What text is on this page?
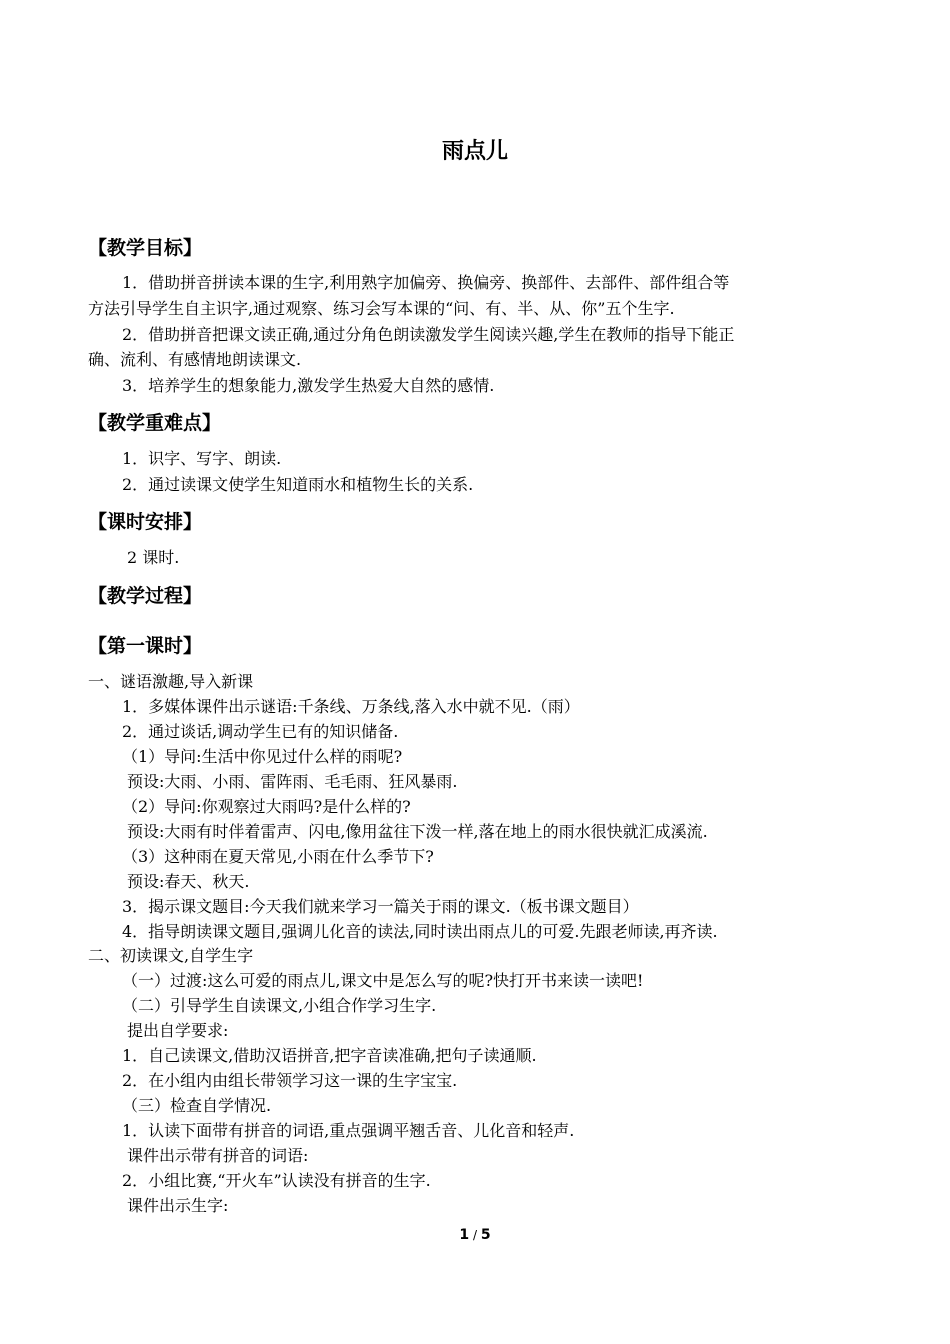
雨点儿
【教学目标】
1．借助拼音拼读本课的生字,利用熟字加偏旁、换偏旁、换部件、去部件、部件组合等
方法引导学生自主识字,通过观察、练习会写本课的“问、有、半、从、你”五个生字.
2．借助拼音把课文读正确,通过分角色朗读激发学生阅读兴趣,学生在教师的指导下能正
确、流利、有感情地朗读课文.
3．培养学生的想象能力,激发学生热爱大自然的感情.
【教学重难点】
1．识字、写字、朗读.
2．通过读课文使学生知道雨水和植物生长的关系.
【课时安排】
2 课时.
【教学过程】
【第一课时】
一、谜语激趣,导入新课
1．多媒体课件出示谜语:千条线、万条线,落入水中就不见.（雨）
2．通过谈话,调动学生已有的知识储备.
（1）导问:生活中你见过什么样的雨呢?
预设:大雨、小雨、雷阵雨、毛毛雨、狂风暴雨.
（2）导问:你观察过大雨吗?是什么样的?
预设:大雨有时伴着雷声、闪电,像用盆往下泼一样,落在地上的雨水很快就汇成溪流.
（3）这种雨在夏天常见,小雨在什么季节下?
预设:春天、秋天.
3．揭示课文题目:今天我们就来学习一篇关于雨的课文.（板书课文题目）
4．指导朗读课文题目,强调儿化音的读法,同时读出雨点儿的可爱.先跟老师读,再齐读.
二、初读课文,自学生字
（一）过渡:这么可爱的雨点儿,课文中是怎么写的呢?快打开书来读一读吧!
（二）引导学生自读课文,小组合作学习生字.
提出自学要求:
1．自己读课文,借助汉语拼音,把字音读准确,把句子读通顺.
2．在小组内由组长带领学习这一课的生字宝宝.
（三）检查自学情况.
1．认读下面带有拼音的词语,重点强调平翘舌音、儿化音和轻声.
课件出示带有拼音的词语:
2．小组比赛,“开火车”认读没有拼音的生字.
课件出示生字:
1 / 5
